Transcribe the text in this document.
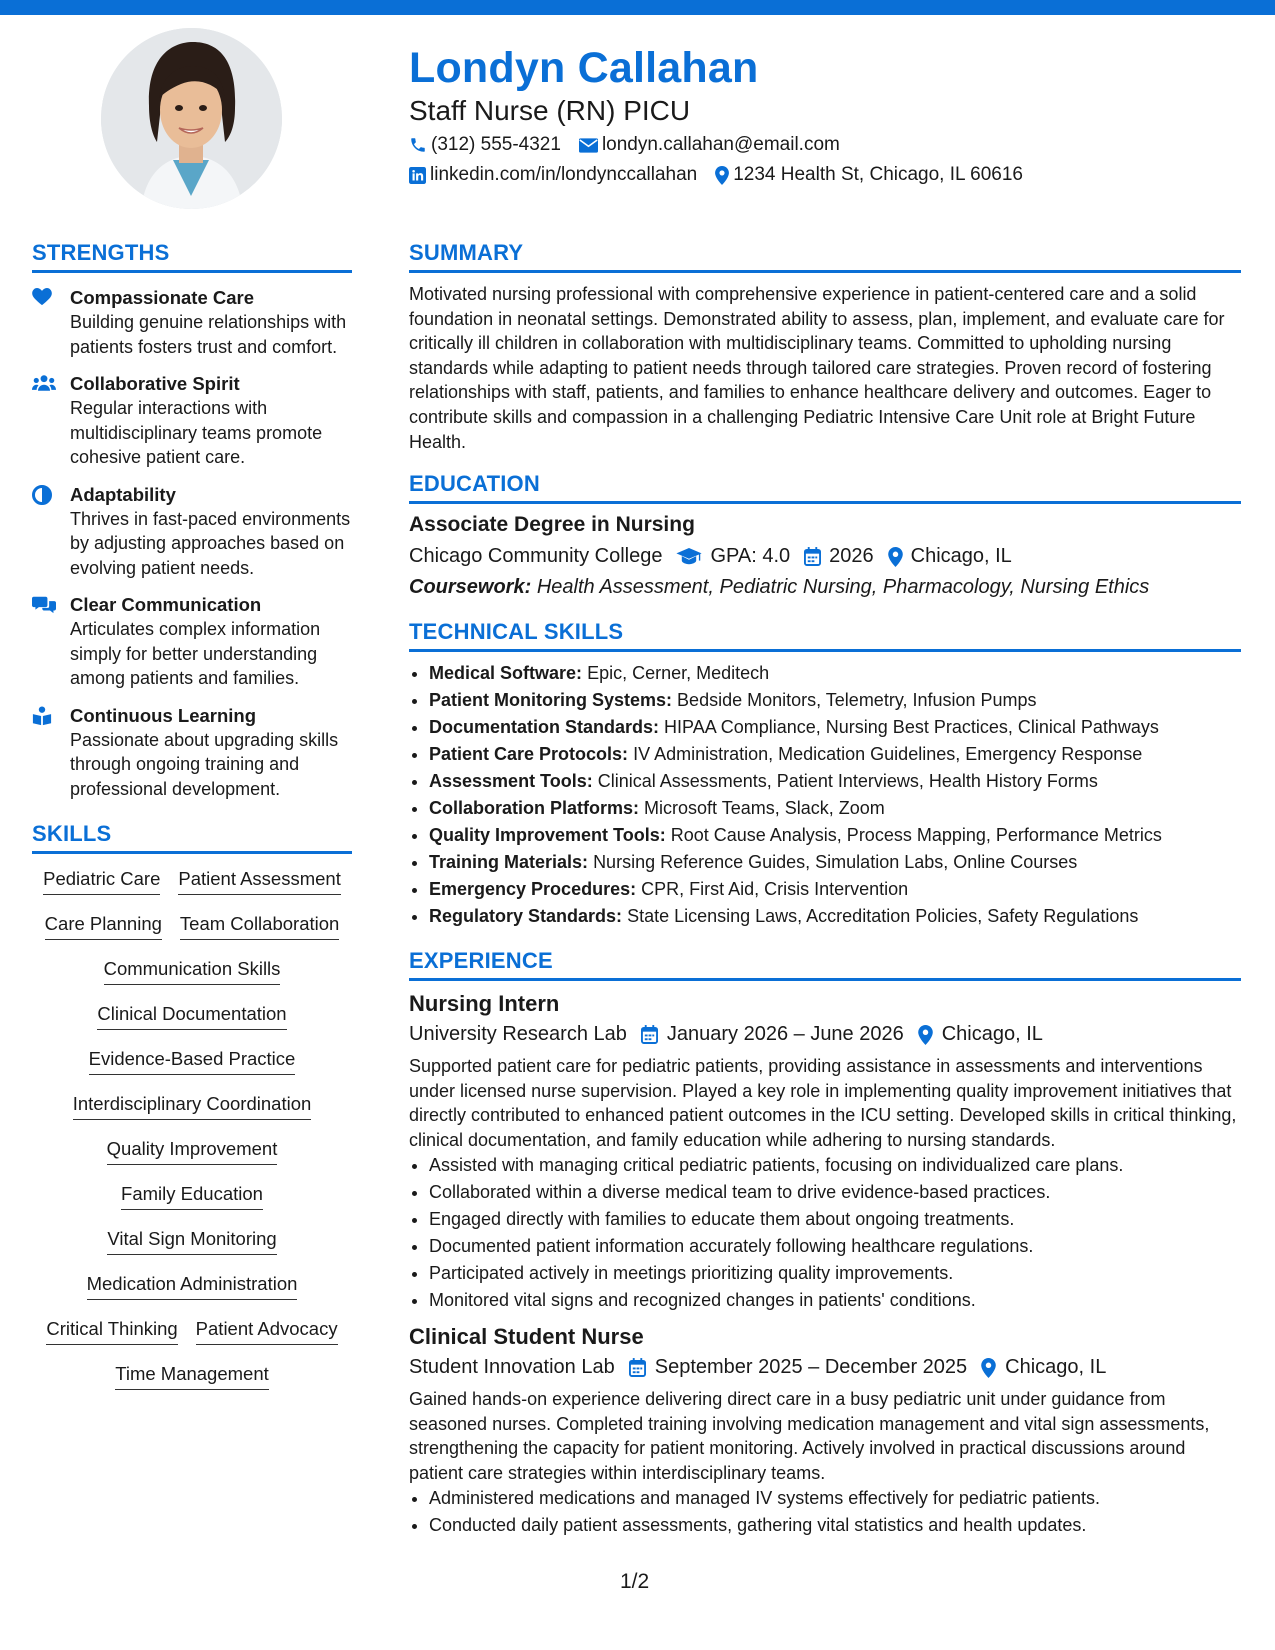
Londyn Callahan
Staff Nurse (RN) PICU
(312) 555-4321 londyn.callahan@email.com
linkedin.com/in/londynccallahan 1234 Health St, Chicago, IL 60616
STRENGTHS
Compassionate Care
Building genuine relationships with patients fosters trust and comfort.
Collaborative Spirit
Regular interactions with multidisciplinary teams promote cohesive patient care.
Adaptability
Thrives in fast-paced environments by adjusting approaches based on evolving patient needs.
Clear Communication
Articulates complex information simply for better understanding among patients and families.
Continuous Learning
Passionate about upgrading skills through ongoing training and professional development.
SKILLS
Pediatric Care Patient Assessment
Care Planning Team Collaboration
Communication Skills
Clinical Documentation
Evidence-Based Practice
Interdisciplinary Coordination
Quality Improvement
Family Education
Vital Sign Monitoring
Medication Administration
Critical Thinking Patient Advocacy
Time Management
SUMMARY
Motivated nursing professional with comprehensive experience in patient-centered care and a solid foundation in neonatal settings. Demonstrated ability to assess, plan, implement, and evaluate care for critically ill children in collaboration with multidisciplinary teams. Committed to upholding nursing standards while adapting to patient needs through tailored care strategies. Proven record of fostering relationships with staff, patients, and families to enhance healthcare delivery and outcomes. Eager to contribute skills and compassion in a challenging Pediatric Intensive Care Unit role at Bright Future Health.
EDUCATION
Associate Degree in Nursing
Chicago Community College GPA: 4.0 2026 Chicago, IL
Coursework: Health Assessment, Pediatric Nursing, Pharmacology, Nursing Ethics
TECHNICAL SKILLS
• Medical Software: Epic, Cerner, Meditech
• Patient Monitoring Systems: Bedside Monitors, Telemetry, Infusion Pumps
• Documentation Standards: HIPAA Compliance, Nursing Best Practices, Clinical Pathways
• Patient Care Protocols: IV Administration, Medication Guidelines, Emergency Response
• Assessment Tools: Clinical Assessments, Patient Interviews, Health History Forms
• Collaboration Platforms: Microsoft Teams, Slack, Zoom
• Quality Improvement Tools: Root Cause Analysis, Process Mapping, Performance Metrics
• Training Materials: Nursing Reference Guides, Simulation Labs, Online Courses
• Emergency Procedures: CPR, First Aid, Crisis Intervention
• Regulatory Standards: State Licensing Laws, Accreditation Policies, Safety Regulations
EXPERIENCE
Nursing Intern
University Research Lab January 2026 – June 2026 Chicago, IL
Supported patient care for pediatric patients, providing assistance in assessments and interventions under licensed nurse supervision. Played a key role in implementing quality improvement initiatives that directly contributed to enhanced patient outcomes in the ICU setting. Developed skills in critical thinking, clinical documentation, and family education while adhering to nursing standards.
• Assisted with managing critical pediatric patients, focusing on individualized care plans.
• Collaborated within a diverse medical team to drive evidence-based practices.
• Engaged directly with families to educate them about ongoing treatments.
• Documented patient information accurately following healthcare regulations.
• Participated actively in meetings prioritizing quality improvements.
• Monitored vital signs and recognized changes in patients' conditions.
Clinical Student Nurse
Student Innovation Lab September 2025 – December 2025 Chicago, IL
Gained hands-on experience delivering direct care in a busy pediatric unit under guidance from seasoned nurses. Completed training involving medication management and vital sign assessments, strengthening the capacity for patient monitoring. Actively involved in practical discussions around patient care strategies within interdisciplinary teams.
• Administered medications and managed IV systems effectively for pediatric patients.
• Conducted daily patient assessments, gathering vital statistics and health updates.
1/2
